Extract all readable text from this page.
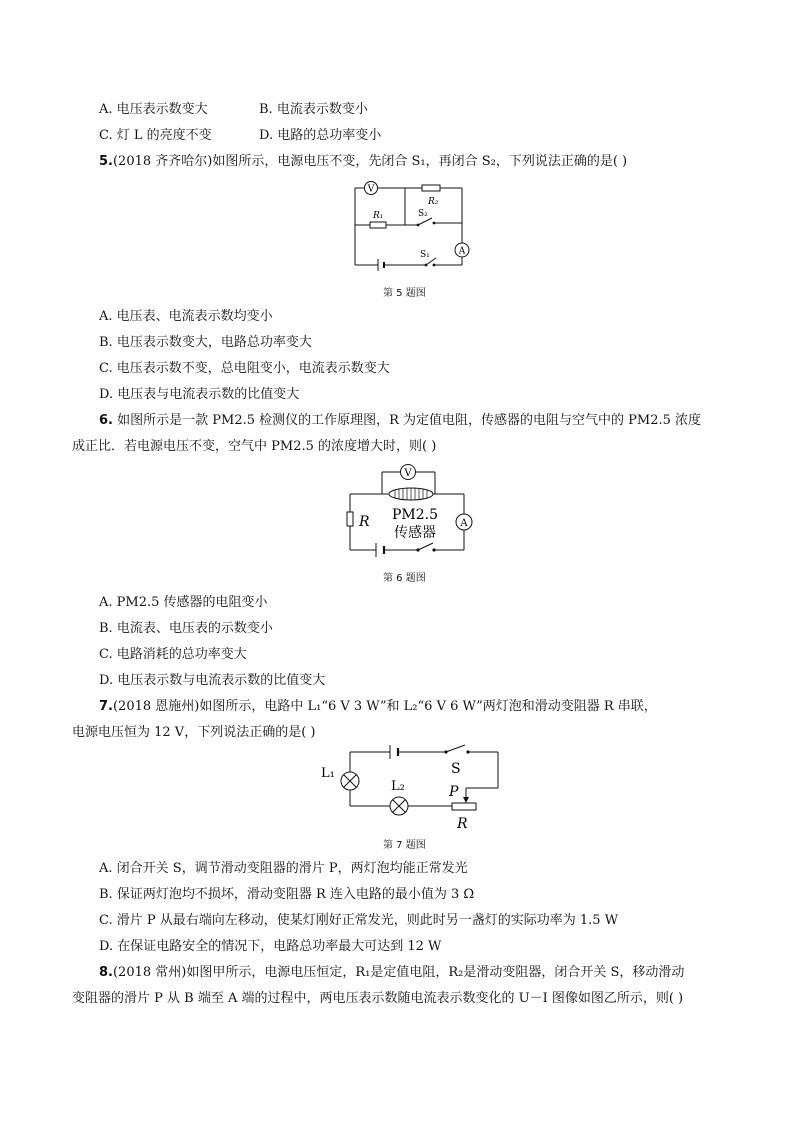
A. 电压表示数变大	B. 电流表示数变小
C. 灯 L 的亮度不变	D. 电路的总功率变小
5.(2018 齐齐哈尔)如图所示，电源电压不变，先闭合 S₁，再闭合 S₂，下列说法正确的是( )
V
R₂
R₁	S₂
A
S₁
第 5 题图
A. 电压表、电流表示数均变小
B. 电压表示数变大，电路总功率变大
C. 电压表示数不变，总电阻变小，电流表示数变大
D. 电压表与电流表示数的比值变大
6. 如图所示是一款 PM2.5 检测仪的工作原理图，R 为定值电阻，传感器的电阻与空气中的 PM2.5 浓度
成正比．若电源电压不变，空气中 PM2.5 的浓度增大时，则( )
V
PM2.5
传感器
R	A
第 6 题图
A. PM2.5 传感器的电阻变小
B. 电流表、电压表的示数变小
C. 电路消耗的总功率变大
D. 电压表示数与电流表示数的比值变大
7.(2018 恩施州)如图所示，电路中 L₁“6 V 3 W”和 L₂“6 V 6 W”两灯泡和滑动变阻器 R 串联，
电源电压恒为 12 V，下列说法正确的是( )
L₁
L₂
S
P
R
第 7 题图
A. 闭合开关 S，调节滑动变阻器的滑片 P，两灯泡均能正常发光
B. 保证两灯泡均不损坏，滑动变阻器 R 连入电路的最小值为 3 Ω
C. 滑片 P 从最右端向左移动，使某灯刚好正常发光，则此时另一盏灯的实际功率为 1.5 W
D. 在保证电路安全的情况下，电路总功率最大可达到 12 W
8.(2018 常州)如图甲所示，电源电压恒定，R₁是定值电阻，R₂是滑动变阻器，闭合开关 S，移动滑动
变阻器的滑片 P 从 B 端至 A 端的过程中，两电压表示数随电流表示数变化的 U－I 图像如图乙所示，则( )
